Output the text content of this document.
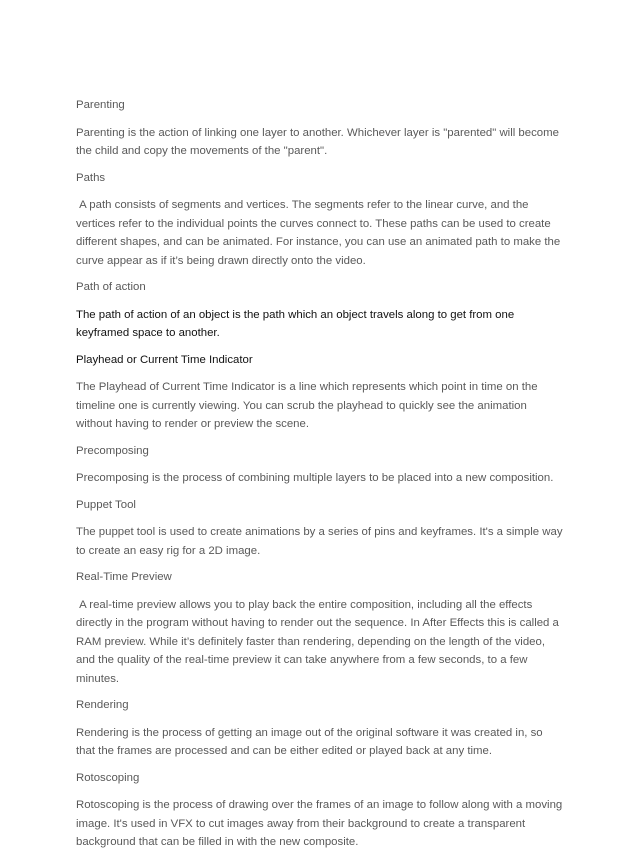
Parenting

Parenting is the action of linking one layer to another. Whichever layer is "parented" will become the child and copy the movements of the "parent".

Paths

A path consists of segments and vertices. The segments refer to the linear curve, and the vertices refer to the individual points the curves connect to. These paths can be used to create different shapes, and can be animated. For instance, you can use an animated path to make the curve appear as if it’s being drawn directly onto the video.

Path of action

The path of action of an object is the path which an object travels along to get from one keyframed space to another.

Playhead or Current Time Indicator

The Playhead of Current Time Indicator is a line which represents which point in time on the timeline one is currently viewing. You can scrub the playhead to quickly see the animation without having to render or preview the scene.

Precomposing

Precomposing is the process of combining multiple layers to be placed into a new composition.

Puppet Tool

The puppet tool is used to create animations by a series of pins and keyframes. It's a simple way to create an easy rig for a 2D image.

Real-Time Preview

A real-time preview allows you to play back the entire composition, including all the effects directly in the program without having to render out the sequence. In After Effects this is called a RAM preview. While it’s definitely faster than rendering, depending on the length of the video, and the quality of the real-time preview it can take anywhere from a few seconds, to a few minutes.

Rendering

Rendering is the process of getting an image out of the original software it was created in, so that the frames are processed and can be either edited or played back at any time.

Rotoscoping

Rotoscoping is the process of drawing over the frames of an image to follow along with a moving image. It's used in VFX to cut images away from their background to create a transparent background that can be filled in with the new composite.
